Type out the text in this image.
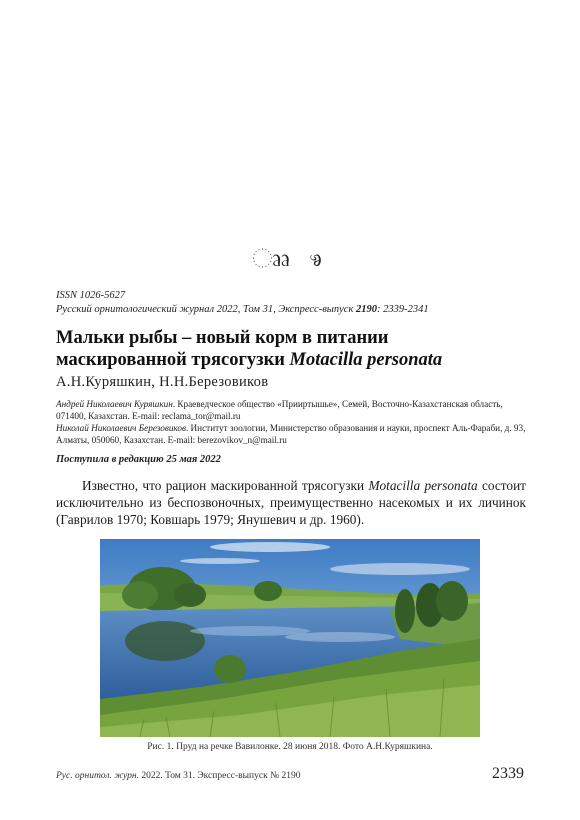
ෲ ෳ
ISSN 1026-5627
Русский орнитологический журнал 2022, Том 31, Экспресс-выпуск 2190: 2339-2341
Мальки рыбы – новый корм в питании
маскированной трясогузки Motacilla personata
А.Н.Куряшкин, Н.Н.Березовиков
Андрей Николаевич Куряшкин. Краеведческое общество «Прииртышье», Семей, Восточно-Казахстанская область, 071400, Казахстан. E-mail: reclama_tor@mail.ru
Николай Николаевич Березовиков. Институт зоологии, Министерство образования и науки, проспект Аль-Фараби, д. 93, Алматы, 050060, Казахстан. E-mail: berezovikov_n@mail.ru
Поступила в редакцию 25 мая 2022
Известно, что рацион маскированной трясогузки Motacilla personata состоит исключительно из беспозвоночных, преимущественно насекомых и их личинок (Гаврилов 1970; Ковшарь 1979; Янушевич и др. 1960).
Рис. 1. Пруд на речке Вавилонке. 28 июня 2018. Фото А.Н.Куряшкина.
Рус. орнитол. журн. 2022. Том 31. Экспресс-выпуск № 2190	2339
